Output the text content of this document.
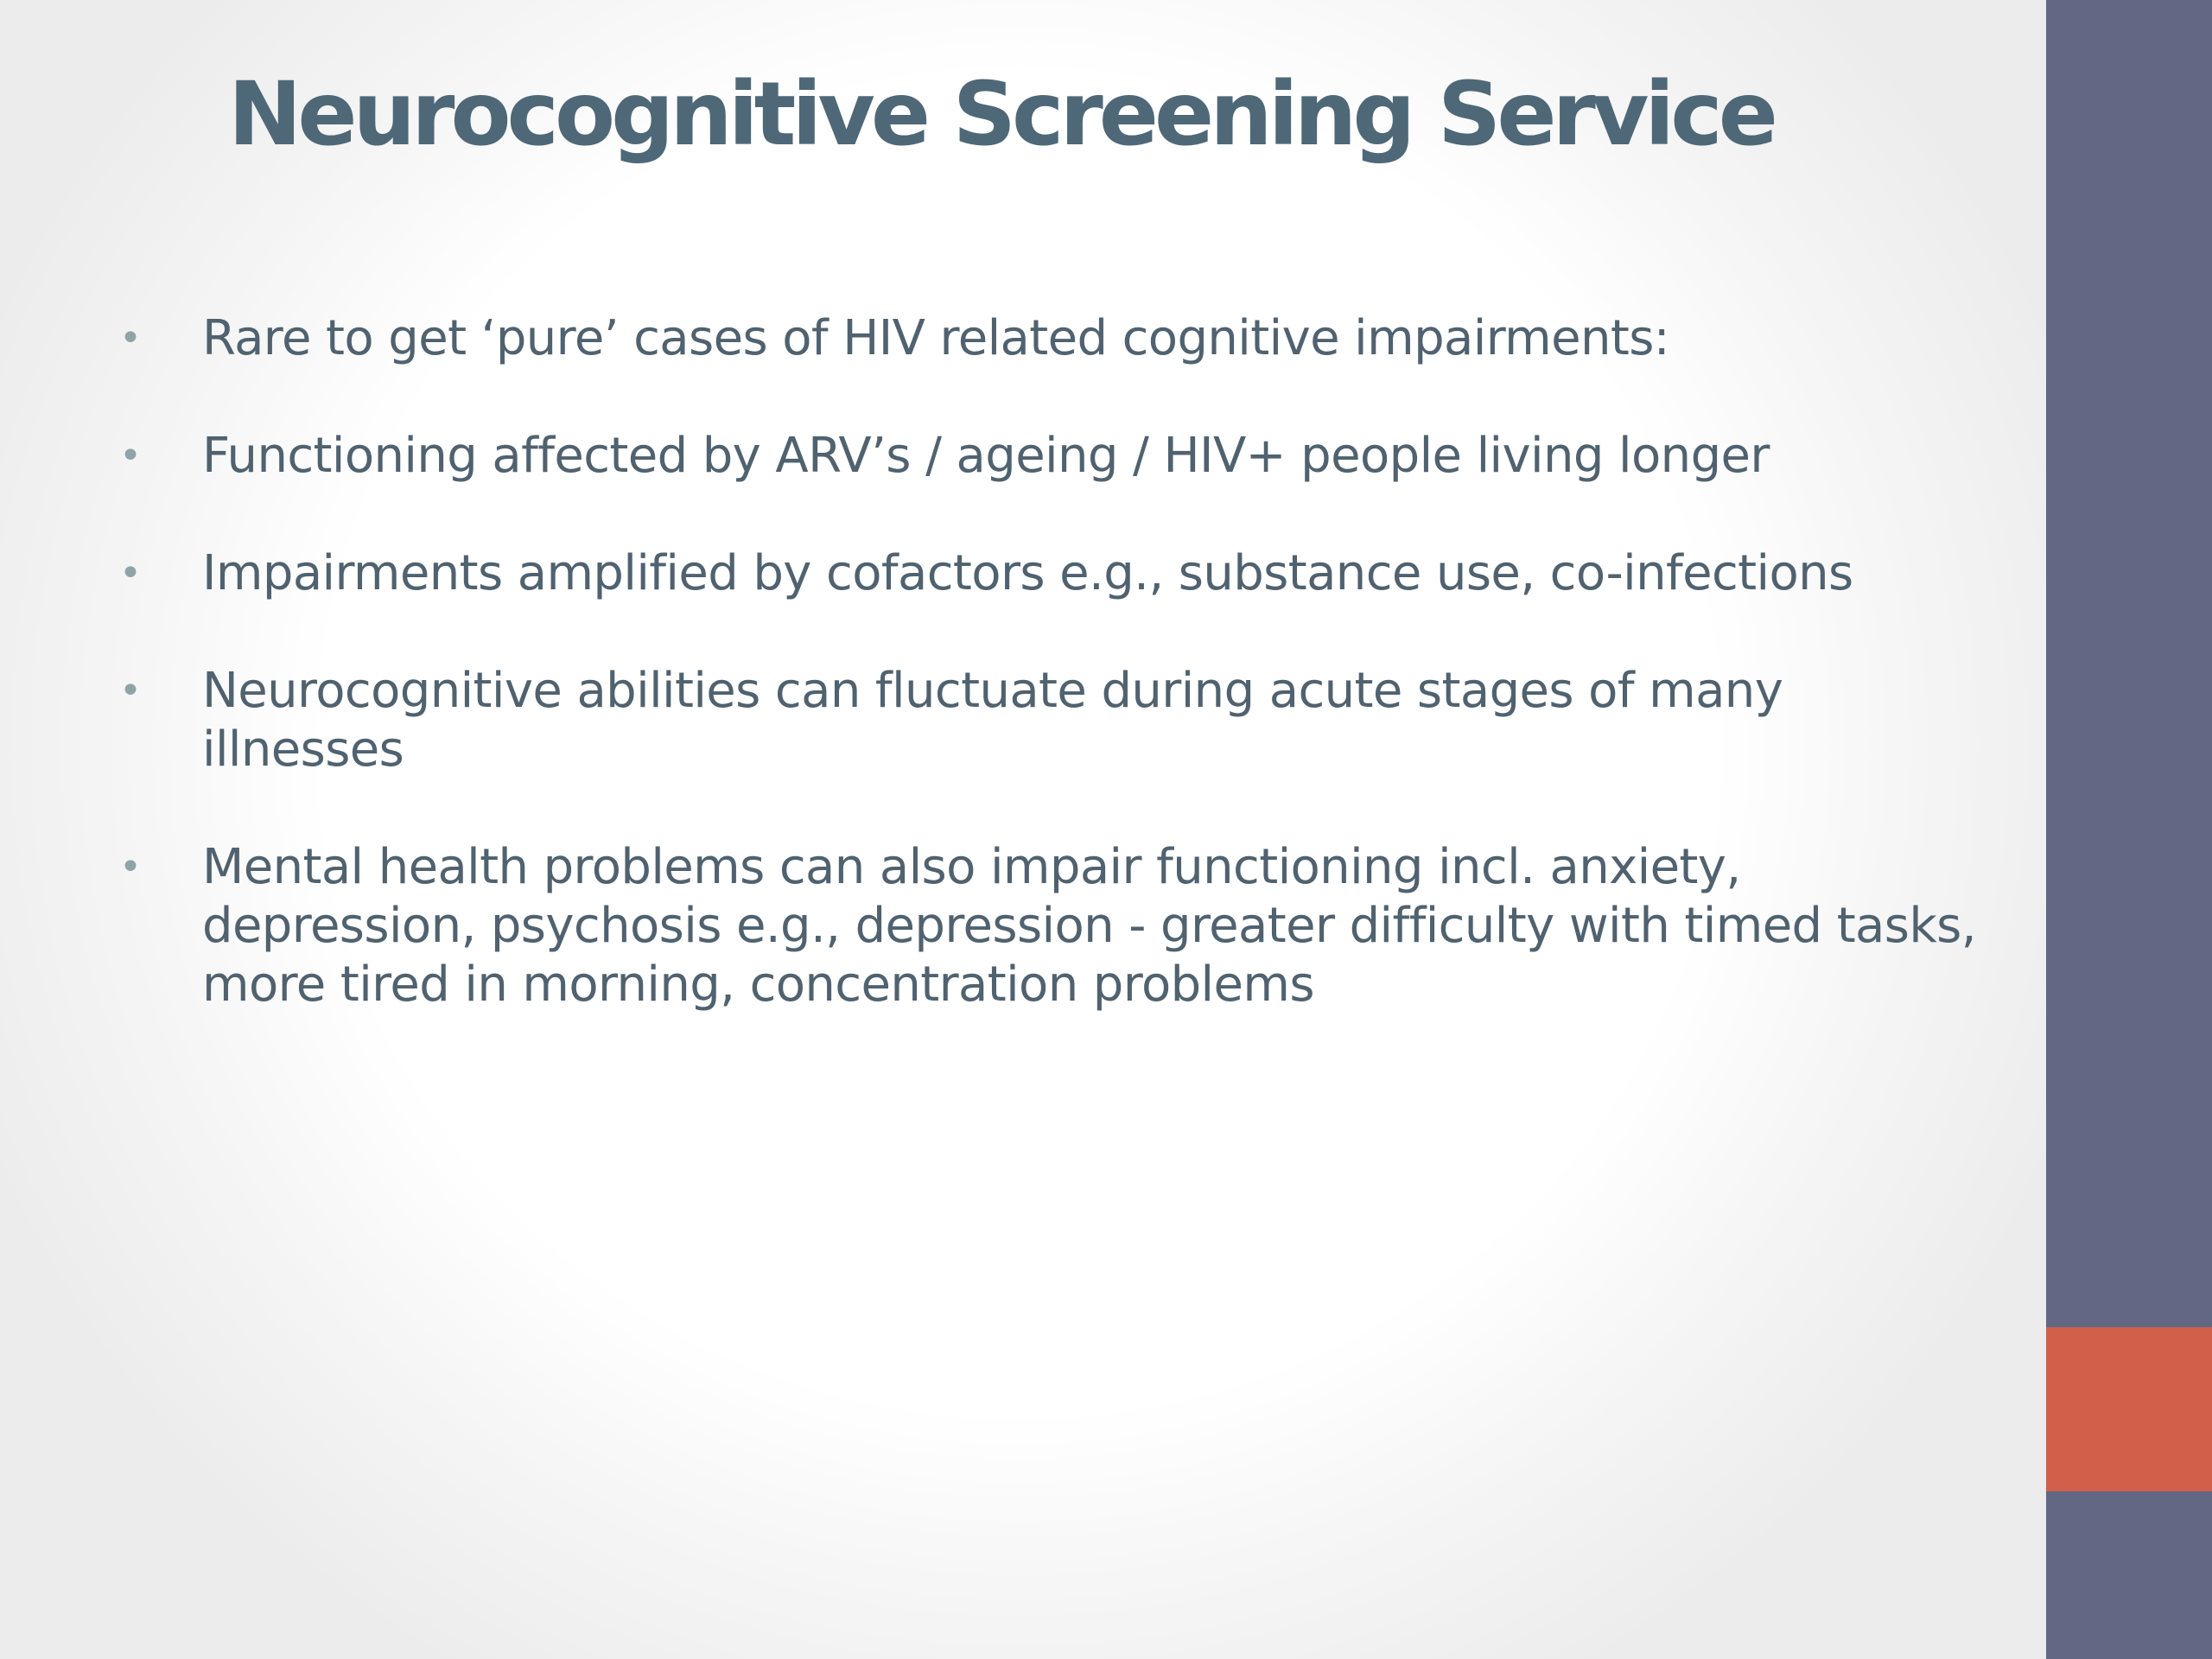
Neurocognitive Screening Service
• Rare to get ‘pure’ cases of HIV related cognitive impairments:
• Functioning affected by ARV’s / ageing / HIV+ people living longer
• Impairments amplified by cofactors e.g., substance use, co-infections
• Neurocognitive abilities can fluctuate during acute stages of many illnesses
• Mental health problems can also impair functioning incl. anxiety, depression, psychosis e.g., depression - greater difficulty with timed tasks, more tired in morning, concentration problems
